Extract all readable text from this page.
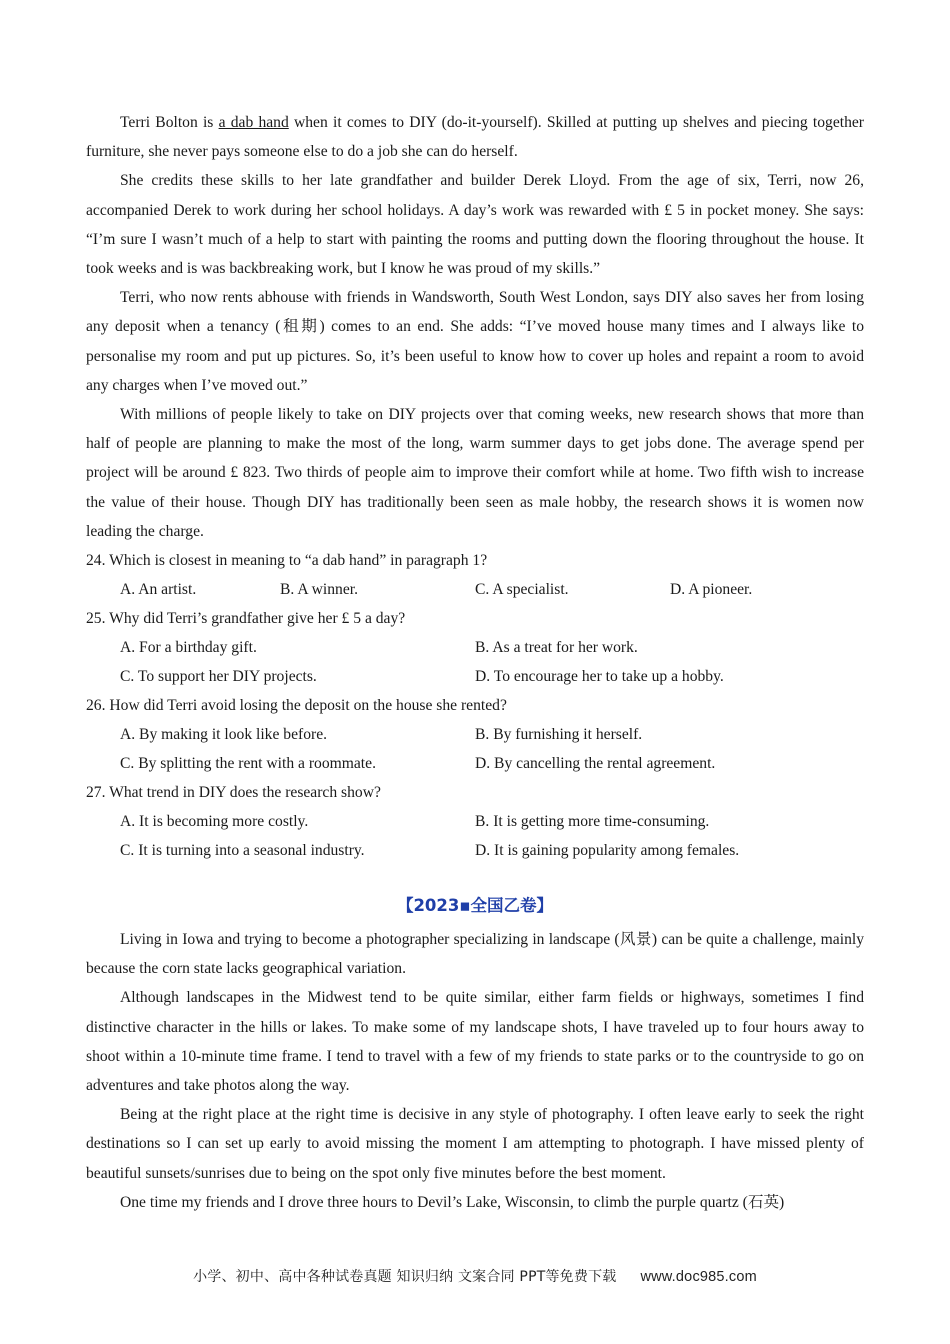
Terri Bolton is a dab hand when it comes to DIY (do-it-yourself). Skilled at putting up shelves and piecing together furniture, she never pays someone else to do a job she can do herself.

She credits these skills to her late grandfather and builder Derek Lloyd. From the age of six, Terri, now 26, accompanied Derek to work during her school holidays. A day’s work was rewarded with £ 5 in pocket money. She says: “I’m sure I wasn’t much of a help to start with painting the rooms and putting down the flooring throughout the house. It took weeks and is was backbreaking work, but I know he was proud of my skills.”

Terri, who now rents abhouse with friends in Wandsworth, South West London, says DIY also saves her from losing any deposit when a tenancy (租期) comes to an end. She adds: “I’ve moved house many times and I always like to personalise my room and put up pictures. So, it’s been useful to know how to cover up holes and repaint a room to avoid any charges when I’ve moved out.”

With millions of people likely to take on DIY projects over that coming weeks, new research shows that more than half of people are planning to make the most of the long, warm summer days to get jobs done. The average spend per project will be around £ 823. Two thirds of people aim to improve their comfort while at home. Two fifth wish to increase the value of their house. Though DIY has traditionally been seen as male hobby, the research shows it is women now leading the charge.

24. Which is closest in meaning to “a dab hand” in paragraph 1?

A. An artist.	B. A winner.	C. A specialist.	D. A pioneer.

25. Why did Terri’s grandfather give her £ 5 a day?

A. For a birthday gift.	B. As a treat for her work.
C. To support her DIY projects.	D. To encourage her to take up a hobby.

26. How did Terri avoid losing the deposit on the house she rented?

A. By making it look like before.	B. By furnishing it herself.
C. By splitting the rent with a roommate.	D. By cancelling the rental agreement.

27. What trend in DIY does the research show?

A. It is becoming more costly.	B. It is getting more time-consuming.
C. It is turning into a seasonal industry.	D. It is gaining popularity among females.
【2023▪全国乙卷】

Living in Iowa and trying to become a photographer specializing in landscape (风景) can be quite a challenge, mainly because the corn state lacks geographical variation.

Although landscapes in the Midwest tend to be quite similar, either farm fields or highways, sometimes I find distinctive character in the hills or lakes. To make some of my landscape shots, I have traveled up to four hours away to shoot within a 10-minute time frame. I tend to travel with a few of my friends to state parks or to the countryside to go on adventures and take photos along the way.

Being at the right place at the right time is decisive in any style of photography. I often leave early to seek the right destinations so I can set up early to avoid missing the moment I am attempting to photograph. I have missed plenty of beautiful sunsets/sunrises due to being on the spot only five minutes before the best moment.

One time my friends and I drove three hours to Devil’s Lake, Wisconsin, to climb the purple quartz (石英)

小学、初中、高中各种试卷真题 知识归纳 文案合同 PPT等免费下载 www.doc985.com
